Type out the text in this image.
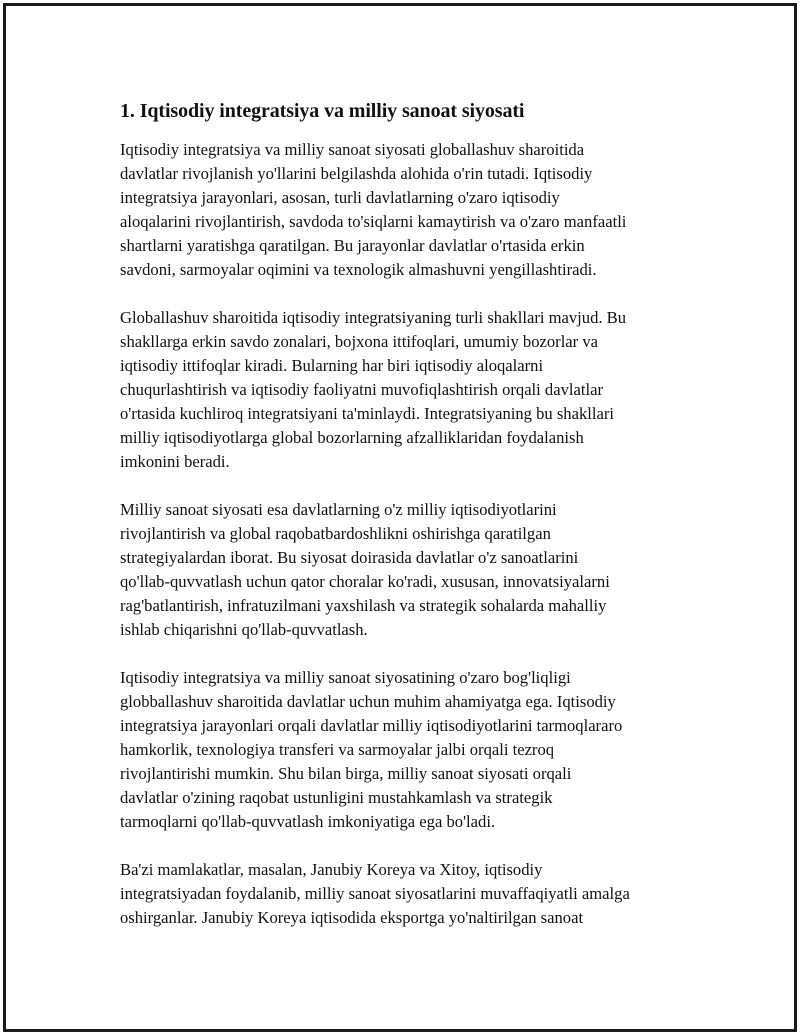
1. Iqtisodiy integratsiya va milliy sanoat siyosati

Iqtisodiy integratsiya va milliy sanoat siyosati globallashuv sharoitida
davlatlar rivojlanish yo'llarini belgilashda alohida o'rin tutadi. Iqtisodiy
integratsiya jarayonlari, asosan, turli davlatlarning o'zaro iqtisodiy
aloqalarini rivojlantirish, savdoda to'siqlarni kamaytirish va o'zaro manfaatli
shartlarni yaratishga qaratilgan. Bu jarayonlar davlatlar o'rtasida erkin
savdoni, sarmoyalar oqimini va texnologik almashuvni yengillashtiradi.

Globallashuv sharoitida iqtisodiy integratsiyaning turli shakllari mavjud. Bu
shakllarga erkin savdo zonalari, bojxona ittifoqlari, umumiy bozorlar va
iqtisodiy ittifoqlar kiradi. Bularning har biri iqtisodiy aloqalarni
chuqurlashtirish va iqtisodiy faoliyatni muvofiqlashtirish orqali davlatlar
o'rtasida kuchliroq integratsiyani ta'minlaydi. Integratsiyaning bu shakllari
milliy iqtisodiyotlarga global bozorlarning afzalliklaridan foydalanish
imkonini beradi.

Milliy sanoat siyosati esa davlatlarning o'z milliy iqtisodiyotlarini
rivojlantirish va global raqobatbardoshlikni oshirishga qaratilgan
strategiyalardan iborat. Bu siyosat doirasida davlatlar o'z sanoatlarini
qo'llab-quvvatlash uchun qator choralar ko'radi, xususan, innovatsiyalarni
rag'batlantirish, infratuzilmani yaxshilash va strategik sohalarda mahalliy
ishlab chiqarishni qo'llab-quvvatlash.

Iqtisodiy integratsiya va milliy sanoat siyosatining o'zaro bog'liqligi
globballashuv sharoitida davlatlar uchun muhim ahamiyatga ega. Iqtisodiy
integratsiya jarayonlari orqali davlatlar milliy iqtisodiyotlarini tarmoqlararo
hamkorlik, texnologiya transferi va sarmoyalar jalbi orqali tezroq
rivojlantirishi mumkin. Shu bilan birga, milliy sanoat siyosati orqali
davlatlar o'zining raqobat ustunligini mustahkamlash va strategik
tarmoqlarni qo'llab-quvvatlash imkoniyatiga ega bo'ladi.

Ba'zi mamlakatlar, masalan, Janubiy Koreya va Xitoy, iqtisodiy
integratsiyadan foydalanib, milliy sanoat siyosatlarini muvaffaqiyatli amalga
oshirganlar. Janubiy Koreya iqtisodida eksportga yo'naltirilgan sanoat
